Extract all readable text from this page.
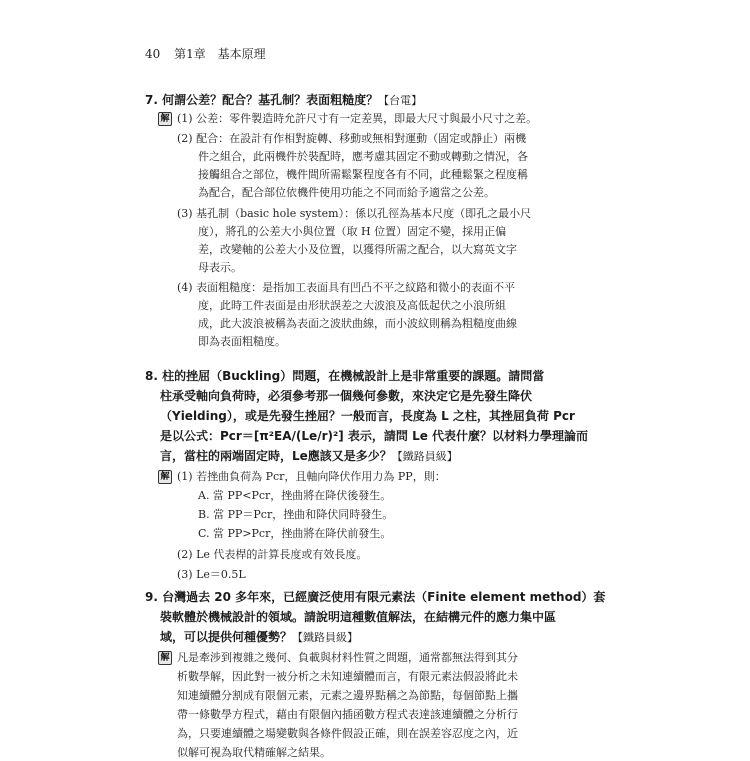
40 第1章 基本原理
7. 何謂公差？配合？基孔制？表面粗糙度？【台電】
解 (1) 公差：零件製造時允許尺寸有一定差異，即最大尺寸與最小尺寸之差。
(2) 配合：在設計有作相對旋轉、移動或無相對運動（固定或靜止）兩機
件之組合，此兩機件於裝配時，應考慮其固定不動或轉動之情況，各
接觸組合之部位，機件間所需鬆緊程度各有不同，此種鬆緊之程度稱
為配合，配合部位依機件使用功能之不同而給予適當之公差。
(3) 基孔制（basic hole system）：係以孔徑為基本尺度（即孔之最小尺
度），將孔的公差大小與位置（取 H 位置）固定不變，採用正偏
差，改變軸的公差大小及位置，以獲得所需之配合，以大寫英文字
母表示。
(4) 表面粗糙度：是指加工表面具有凹凸不平之紋路和微小的表面不平
度，此時工件表面是由形狀誤差之大波浪及高低起伏之小浪所組
成，此大波浪被稱為表面之波狀曲線，而小波紋則稱為粗糙度曲線
即為表面粗糙度。
8. 柱的挫屈（Buckling）問題，在機械設計上是非常重要的課題。請問當
柱承受軸向負荷時，必須參考那一個幾何參數，來決定它是先發生降伏
（Yielding），或是先發生挫屈？一般而言，長度為 L 之柱，其挫屈負荷 Pcr
是以公式：Pcr＝[π²EA/(Le/r)²] 表示，請問 Le 代表什麼？以材料力學理論而
言，當柱的兩端固定時，Le應該又是多少？【鐵路員級】
解 (1) 若挫曲負荷為 Pcr，且軸向降伏作用力為 PP，則：
A. 當 PP<Pcr，挫曲將在降伏後發生。
B. 當 PP＝Pcr，挫曲和降伏同時發生。
C. 當 PP>Pcr，挫曲將在降伏前發生。
(2) Le 代表桿的計算長度或有效長度。
(3) Le＝0.5L
9. 台灣過去 20 多年來，已經廣泛使用有限元素法（Finite element method）套
裝軟體於機械設計的領域。請說明這種數值解法，在結構元件的應力集中區
域，可以提供何種優勢？【鐵路員級】
解 凡是牽涉到複雜之幾何、負載與材料性質之問題，通常都無法得到其分
析數學解，因此對一被分析之未知連續體而言，有限元素法假設將此未
知連續體分割成有限個元素，元素之邊界點稱之為節點，每個節點上攜
帶一條數學方程式，藉由有限個內插函數方程式表達該連續體之分析行
為，只要連續體之場變數與各條件假設正確，則在誤差容忍度之內，近
似解可視為取代精確解之結果。
